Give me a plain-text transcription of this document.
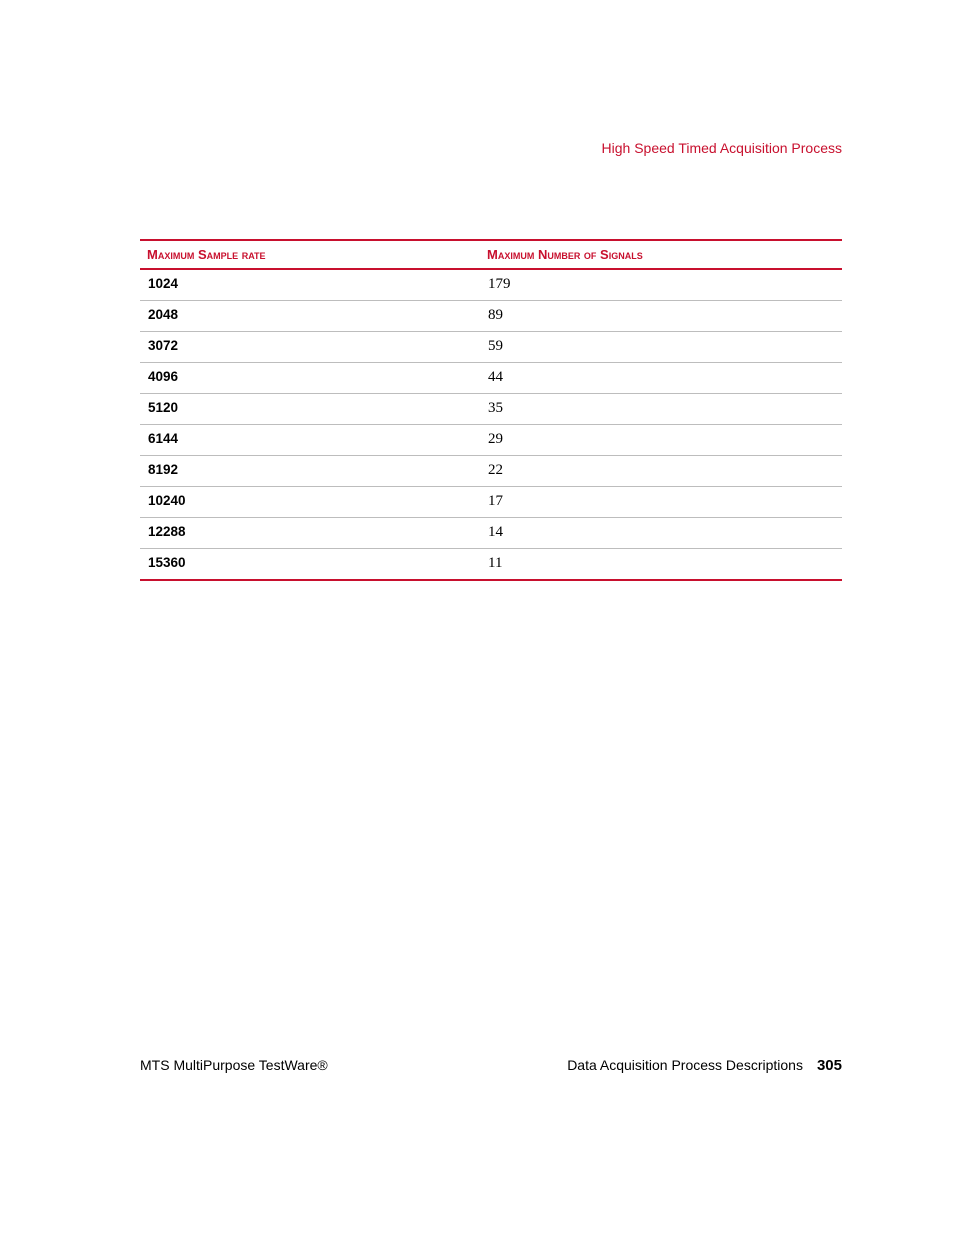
High Speed Timed Acquisition Process
Maximum Sample rate	Maximum Number of Signals
1024	179
2048	89
3072	59
4096	44
5120	35
6144	29
8192	22
10240	17
12288	14
15360	11
MTS MultiPurpose TestWare®	Data Acquisition Process Descriptions 305
